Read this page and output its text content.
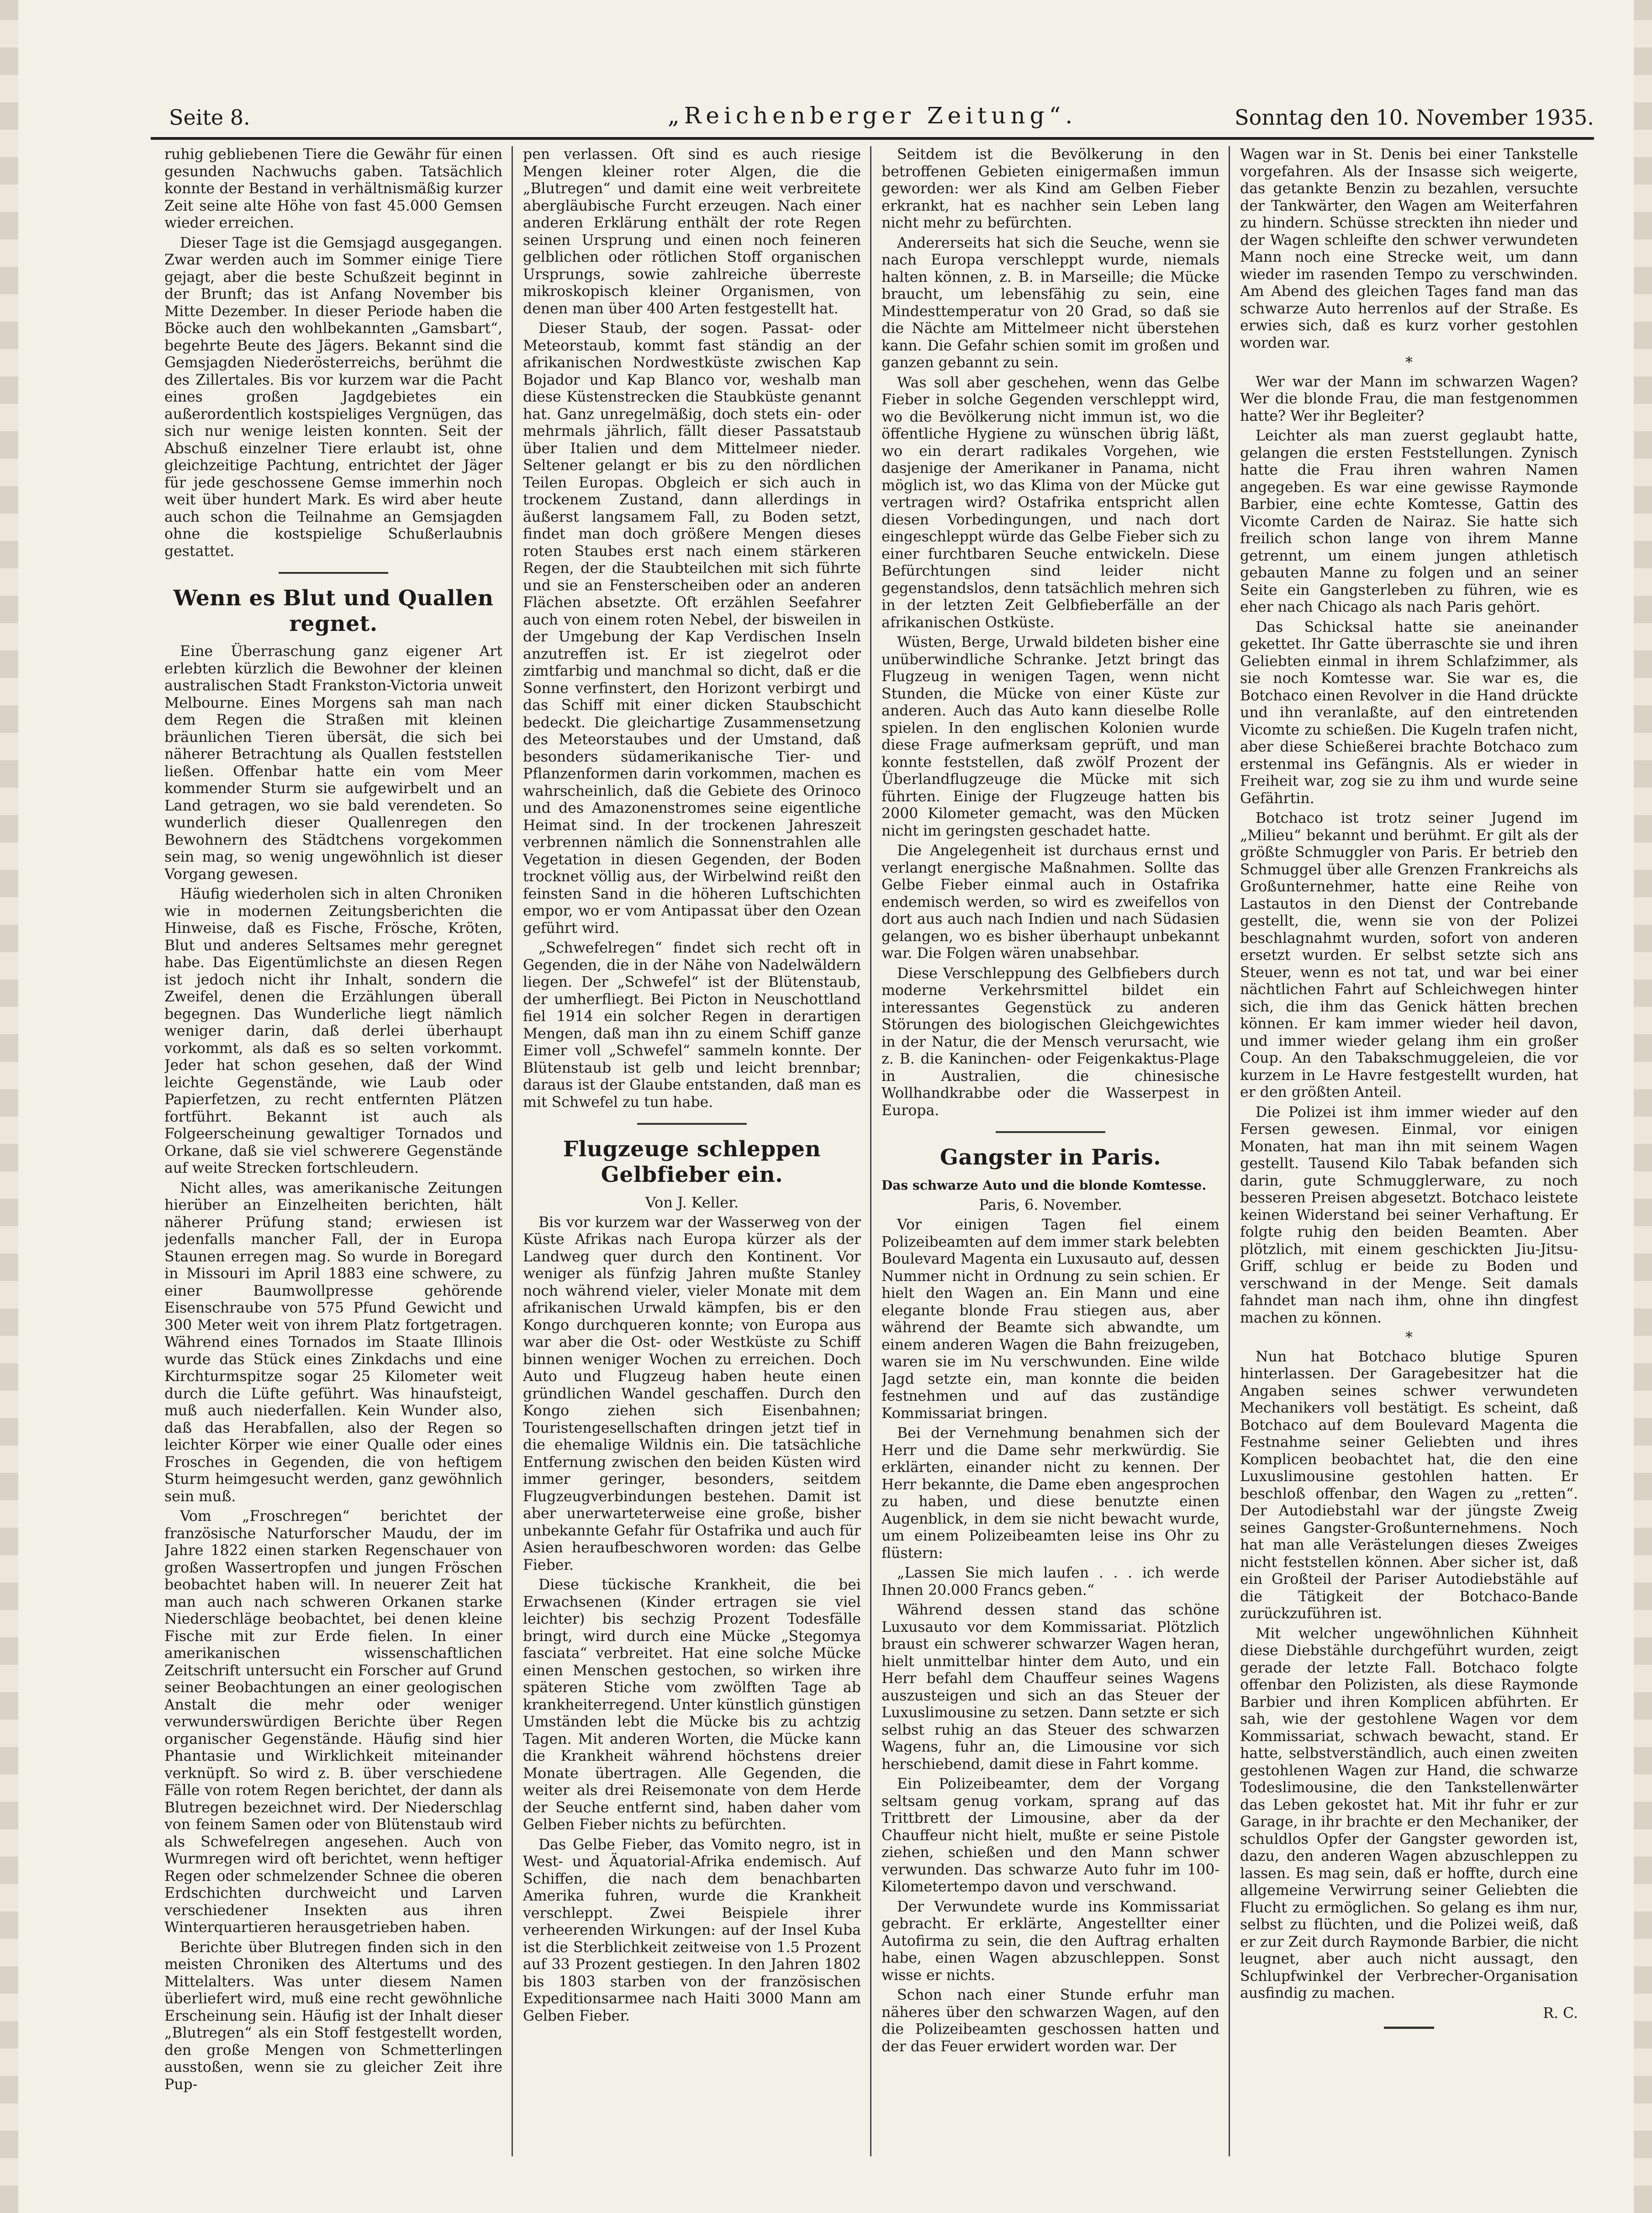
Seite 8.	„Reichenberger Zeitung“.	Sonntag den 10. November 1935.

ruhig gebliebenen Tiere die Gewähr für einen gesunden Nachwuchs gaben. Tatsächlich konnte der Bestand in verhältnismäßig kurzer Zeit seine alte Höhe von fast 45.000 Gemsen wieder erreichen.

Dieser Tage ist die Gemsjagd ausgegangen. Zwar werden auch im Sommer einige Tiere gejagt, aber die beste Schußzeit beginnt in der Brunft; das ist Anfang November bis Mitte Dezember. In dieser Periode haben die Böcke auch den wohlbekannten „Gamsbart“, begehrte Beute des Jägers. Bekannt sind die Gemsjagden Niederösterreichs, berühmt die des Zillertales. Bis vor kurzem war die Pacht eines großen Jagdgebietes ein außerordentlich kostspieliges Vergnügen, das sich nur wenige leisten konnten. Seit der Abschuß einzelner Tiere erlaubt ist, ohne gleichzeitige Pachtung, entrichtet der Jäger für jede geschossene Gemse immerhin noch weit über hundert Mark. Es wird aber heute auch schon die Teilnahme an Gemsjagden ohne die kostspielige Schußerlaubnis gestattet.

Wenn es Blut und Quallen regnet.

Eine Überraschung ganz eigener Art erlebten kürzlich die Bewohner der kleinen australischen Stadt Frankston-Victoria unweit Melbourne. Eines Morgens sah man nach dem Regen die Straßen mit kleinen bräunlichen Tieren übersät, die sich bei näherer Betrachtung als Quallen feststellen ließen. Offenbar hatte ein vom Meer kommender Sturm sie aufgewirbelt und an Land getragen, wo sie bald verendeten. So wunderlich dieser Quallenregen den Bewohnern des Städtchens vorgekommen sein mag, so wenig ungewöhnlich ist dieser Vorgang gewesen.

Häufig wiederholen sich in alten Chroniken wie in modernen Zeitungsberichten die Hinweise, daß es Fische, Frösche, Kröten, Blut und anderes Seltsames mehr geregnet habe. Das Eigentümlichste an diesen Regen ist jedoch nicht ihr Inhalt, sondern die Zweifel, denen die Erzählungen überall begegnen. Das Wunderliche liegt nämlich weniger darin, daß derlei überhaupt vorkommt, als daß es so selten vorkommt. Jeder hat schon gesehen, daß der Wind leichte Gegenstände, wie Laub oder Papierfetzen, zu recht entfernten Plätzen fortführt. Bekannt ist auch als Folgeerscheinung gewaltiger Tornados und Orkane, daß sie viel schwerere Gegenstände auf weite Strecken fortschleudern.

Nicht alles, was amerikanische Zeitungen hierüber an Einzelheiten berichten, hält näherer Prüfung stand; erwiesen ist jedenfalls mancher Fall, der in Europa Staunen erregen mag. So wurde in Boregard in Missouri im April 1883 eine schwere, zu einer Baumwollpresse gehörende Eisenschraube von 575 Pfund Gewicht und 300 Meter weit von ihrem Platz fortgetragen. Während eines Tornados im Staate Illinois wurde das Stück eines Zinkdachs und eine Kirchturmspitze sogar 25 Kilometer weit durch die Lüfte geführt. Was hinaufsteigt, muß auch niederfallen. Kein Wunder also, daß das Herabfallen, also der Regen so leichter Körper wie einer Qualle oder eines Frosches in Gegenden, die von heftigem Sturm heimgesucht werden, ganz gewöhnlich sein muß.

Vom „Froschregen“ berichtet der französische Naturforscher Maudu, der im Jahre 1822 einen starken Regenschauer von großen Wassertropfen und jungen Fröschen beobachtet haben will. In neuerer Zeit hat man auch nach schweren Orkanen starke Niederschläge beobachtet, bei denen kleine Fische mit zur Erde fielen. In einer amerikanischen wissenschaftlichen Zeitschrift untersucht ein Forscher auf Grund seiner Beobachtungen an einer geologischen Anstalt die mehr oder weniger verwunderswürdigen Berichte über Regen organischer Gegenstände. Häufig sind hier Phantasie und Wirklichkeit miteinander verknüpft. So wird z. B. über verschiedene Fälle von rotem Regen berichtet, der dann als Blutregen bezeichnet wird. Der Niederschlag von feinem Samen oder von Blütenstaub wird als Schwefelregen angesehen. Auch von Wurmregen wird oft berichtet, wenn heftiger Regen oder schmelzender Schnee die oberen Erdschichten durchweicht und Larven verschiedener Insekten aus ihren Winterquartieren herausgetrieben haben.

Berichte über Blutregen finden sich in den meisten Chroniken des Altertums und des Mittelalters. Was unter diesem Namen überliefert wird, muß eine recht gewöhnliche Erscheinung sein. Häufig ist der Inhalt dieser „Blutregen“ als ein Stoff festgestellt worden, den große Mengen von Schmetterlingen ausstoßen, wenn sie zu gleicher Zeit ihre Pup-

pen verlassen. Oft sind es auch riesige Mengen kleiner roter Algen, die die „Blutregen“ und damit eine weit verbreitete abergläubische Furcht erzeugen. Nach einer anderen Erklärung enthält der rote Regen seinen Ursprung und einen noch feineren gelblichen oder rötlichen Stoff organischen Ursprungs, sowie zahlreiche überreste mikroskopisch kleiner Organismen, von denen man über 400 Arten festgestellt hat.

Dieser Staub, der sogen. Passat- oder Meteorstaub, kommt fast ständig an der afrikanischen Nordwestküste zwischen Kap Bojador und Kap Blanco vor, weshalb man diese Küstenstrecken die Staubküste genannt hat. Ganz unregelmäßig, doch stets ein- oder mehrmals jährlich, fällt dieser Passatstaub über Italien und dem Mittelmeer nieder. Seltener gelangt er bis zu den nördlichen Teilen Europas. Obgleich er sich auch in trockenem Zustand, dann allerdings in äußerst langsamem Fall, zu Boden setzt, findet man doch größere Mengen dieses roten Staubes erst nach einem stärkeren Regen, der die Staubteilchen mit sich führte und sie an Fensterscheiben oder an anderen Flächen absetzte. Oft erzählen Seefahrer auch von einem roten Nebel, der bisweilen in der Umgebung der Kap Verdischen Inseln anzutreffen ist. Er ist ziegelrot oder zimtfarbig und manchmal so dicht, daß er die Sonne verfinstert, den Horizont verbirgt und das Schiff mit einer dicken Staubschicht bedeckt. Die gleichartige Zusammensetzung des Meteorstaubes und der Umstand, daß besonders südamerikanische Tier- und Pflanzenformen darin vorkommen, machen es wahrscheinlich, daß die Gebiete des Orinoco und des Amazonenstromes seine eigentliche Heimat sind. In der trockenen Jahreszeit verbrennen nämlich die Sonnenstrahlen alle Vegetation in diesen Gegenden, der Boden trocknet völlig aus, der Wirbelwind reißt den feinsten Sand in die höheren Luftschichten empor, wo er vom Antipassat über den Ozean geführt wird.

„Schwefelregen“ findet sich recht oft in Gegenden, die in der Nähe von Nadelwäldern liegen. Der „Schwefel“ ist der Blütenstaub, der umherfliegt. Bei Picton in Neuschottland fiel 1914 ein solcher Regen in derartigen Mengen, daß man ihn zu einem Schiff ganze Eimer voll „Schwefel“ sammeln konnte. Der Blütenstaub ist gelb und leicht brennbar; daraus ist der Glaube entstanden, daß man es mit Schwefel zu tun habe.

Flugzeuge schleppen Gelbfieber ein.

Von J. Keller.

Bis vor kurzem war der Wasserweg von der Küste Afrikas nach Europa kürzer als der Landweg quer durch den Kontinent. Vor weniger als fünfzig Jahren mußte Stanley noch während vieler, vieler Monate mit dem afrikanischen Urwald kämpfen, bis er den Kongo durchqueren konnte; von Europa aus war aber die Ost- oder Westküste zu Schiff binnen weniger Wochen zu erreichen. Doch Auto und Flugzeug haben heute einen gründlichen Wandel geschaffen. Durch den Kongo ziehen sich Eisenbahnen; Touristengesellschaften dringen jetzt tief in die ehemalige Wildnis ein. Die tatsächliche Entfernung zwischen den beiden Küsten wird immer geringer, besonders, seitdem Flugzeugverbindungen bestehen. Damit ist aber unerwarteterweise eine große, bisher unbekannte Gefahr für Ostafrika und auch für Asien heraufbeschworen worden: das Gelbe Fieber.

Diese tückische Krankheit, die bei Erwachsenen (Kinder ertragen sie viel leichter) bis sechzig Prozent Todesfälle bringt, wird durch eine Mücke „Stegomya fasciata“ verbreitet. Hat eine solche Mücke einen Menschen gestochen, so wirken ihre späteren Stiche vom zwölften Tage ab krankheiterregend. Unter künstlich günstigen Umständen lebt die Mücke bis zu achtzig Tagen. Mit anderen Worten, die Mücke kann die Krankheit während höchstens dreier Monate übertragen. Alle Gegenden, die weiter als drei Reisemonate von dem Herde der Seuche entfernt sind, haben daher vom Gelben Fieber nichts zu befürchten.

Das Gelbe Fieber, das Vomito negro, ist in West- und Äquatorial-Afrika endemisch. Auf Schiffen, die nach dem benachbarten Amerika fuhren, wurde die Krankheit verschleppt. Zwei Beispiele ihrer verheerenden Wirkungen: auf der Insel Kuba ist die Sterblichkeit zeitweise von 1.5 Prozent auf 33 Prozent gestiegen. In den Jahren 1802 bis 1803 starben von der französischen Expeditionsarmee nach Haiti 3000 Mann am Gelben Fieber.

Seitdem ist die Bevölkerung in den betroffenen Gebieten einigermaßen immun geworden: wer als Kind am Gelben Fieber erkrankt, hat es nachher sein Leben lang nicht mehr zu befürchten.

Andererseits hat sich die Seuche, wenn sie nach Europa verschleppt wurde, niemals halten können, z. B. in Marseille; die Mücke braucht, um lebensfähig zu sein, eine Mindesttemperatur von 20 Grad, so daß sie die Nächte am Mittelmeer nicht überstehen kann. Die Gefahr schien somit im großen und ganzen gebannt zu sein.

Was soll aber geschehen, wenn das Gelbe Fieber in solche Gegenden verschleppt wird, wo die Bevölkerung nicht immun ist, wo die öffentliche Hygiene zu wünschen übrig läßt, wo ein derart radikales Vorgehen, wie dasjenige der Amerikaner in Panama, nicht möglich ist, wo das Klima von der Mücke gut vertragen wird? Ostafrika entspricht allen diesen Vorbedingungen, und nach dort eingeschleppt würde das Gelbe Fieber sich zu einer furchtbaren Seuche entwickeln. Diese Befürchtungen sind leider nicht gegenstandslos, denn tatsächlich mehren sich in der letzten Zeit Gelbfieberfälle an der afrikanischen Ostküste.

Wüsten, Berge, Urwald bildeten bisher eine unüberwindliche Schranke. Jetzt bringt das Flugzeug in wenigen Tagen, wenn nicht Stunden, die Mücke von einer Küste zur anderen. Auch das Auto kann dieselbe Rolle spielen. In den englischen Kolonien wurde diese Frage aufmerksam geprüft, und man konnte feststellen, daß zwölf Prozent der Überlandflugzeuge die Mücke mit sich führten. Einige der Flugzeuge hatten bis 2000 Kilometer gemacht, was den Mücken nicht im geringsten geschadet hatte.

Die Angelegenheit ist durchaus ernst und verlangt energische Maßnahmen. Sollte das Gelbe Fieber einmal auch in Ostafrika endemisch werden, so wird es zweifellos von dort aus auch nach Indien und nach Südasien gelangen, wo es bisher überhaupt unbekannt war. Die Folgen wären unabsehbar.

Diese Verschleppung des Gelbfiebers durch moderne Verkehrsmittel bildet ein interessantes Gegenstück zu anderen Störungen des biologischen Gleichgewichtes in der Natur, die der Mensch verursacht, wie z. B. die Kaninchen- oder Feigenkaktus-Plage in Australien, die chinesische Wollhandkrabbe oder die Wasserpest in Europa.

Gangster in Paris.

Das schwarze Auto und die blonde Komtesse.

Paris, 6. November.

Vor einigen Tagen fiel einem Polizeibeamten auf dem immer stark belebten Boulevard Magenta ein Luxusauto auf, dessen Nummer nicht in Ordnung zu sein schien. Er hielt den Wagen an. Ein Mann und eine elegante blonde Frau stiegen aus, aber während der Beamte sich abwandte, um einem anderen Wagen die Bahn freizugeben, waren sie im Nu verschwunden. Eine wilde Jagd setzte ein, man konnte die beiden festnehmen und auf das zuständige Kommissariat bringen.

Bei der Vernehmung benahmen sich der Herr und die Dame sehr merkwürdig. Sie erklärten, einander nicht zu kennen. Der Herr bekannte, die Dame eben angesprochen zu haben, und diese benutzte einen Augenblick, in dem sie nicht bewacht wurde, um einem Polizeibeamten leise ins Ohr zu flüstern:

„Lassen Sie mich laufen . . . ich werde Ihnen 20.000 Francs geben.“

Während dessen stand das schöne Luxusauto vor dem Kommissariat. Plötzlich braust ein schwerer schwarzer Wagen heran, hielt unmittelbar hinter dem Auto, und ein Herr befahl dem Chauffeur seines Wagens auszusteigen und sich an das Steuer der Luxuslimousine zu setzen. Dann setzte er sich selbst ruhig an das Steuer des schwarzen Wagens, fuhr an, die Limousine vor sich herschiebend, damit diese in Fahrt komme.

Ein Polizeibeamter, dem der Vorgang seltsam genug vorkam, sprang auf das Trittbrett der Limousine, aber da der Chauffeur nicht hielt, mußte er seine Pistole ziehen, schießen und den Mann schwer verwunden. Das schwarze Auto fuhr im 100-Kilometertempo davon und verschwand.

Der Verwundete wurde ins Kommissariat gebracht. Er erklärte, Angestellter einer Autofirma zu sein, die den Auftrag erhalten habe, einen Wagen abzuschleppen. Sonst wisse er nichts.

Schon nach einer Stunde erfuhr man näheres über den schwarzen Wagen, auf den die Polizeibeamten geschossen hatten und der das Feuer erwidert worden war. Der

Wagen war in St. Denis bei einer Tankstelle vorgefahren. Als der Insasse sich weigerte, das getankte Benzin zu bezahlen, versuchte der Tankwärter, den Wagen am Weiterfahren zu hindern. Schüsse streckten ihn nieder und der Wagen schleifte den schwer verwundeten Mann noch eine Strecke weit, um dann wieder im rasenden Tempo zu verschwinden. Am Abend des gleichen Tages fand man das schwarze Auto herrenlos auf der Straße. Es erwies sich, daß es kurz vorher gestohlen worden war.

*

Wer war der Mann im schwarzen Wagen? Wer die blonde Frau, die man festgenommen hatte? Wer ihr Begleiter?

Leichter als man zuerst geglaubt hatte, gelangen die ersten Feststellungen. Zynisch hatte die Frau ihren wahren Namen angegeben. Es war eine gewisse Raymonde Barbier, eine echte Komtesse, Gattin des Vicomte Carden de Nairaz. Sie hatte sich freilich schon lange von ihrem Manne getrennt, um einem jungen athletisch gebauten Manne zu folgen und an seiner Seite ein Gangsterleben zu führen, wie es eher nach Chicago als nach Paris gehört.

Das Schicksal hatte sie aneinander gekettet. Ihr Gatte überraschte sie und ihren Geliebten einmal in ihrem Schlafzimmer, als sie noch Komtesse war. Sie war es, die Botchaco einen Revolver in die Hand drückte und ihn veranlaßte, auf den eintretenden Vicomte zu schießen. Die Kugeln trafen nicht, aber diese Schießerei brachte Botchaco zum erstenmal ins Gefängnis. Als er wieder in Freiheit war, zog sie zu ihm und wurde seine Gefährtin.

Botchaco ist trotz seiner Jugend im „Milieu“ bekannt und berühmt. Er gilt als der größte Schmuggler von Paris. Er betrieb den Schmuggel über alle Grenzen Frankreichs als Großunternehmer, hatte eine Reihe von Lastautos in den Dienst der Contrebande gestellt, die, wenn sie von der Polizei beschlagnahmt wurden, sofort von anderen ersetzt wurden. Er selbst setzte sich ans Steuer, wenn es not tat, und war bei einer nächtlichen Fahrt auf Schleichwegen hinter sich, die ihm das Genick hätten brechen können. Er kam immer wieder heil davon, und immer wieder gelang ihm ein großer Coup. An den Tabakschmuggeleien, die vor kurzem in Le Havre festgestellt wurden, hat er den größten Anteil.

Die Polizei ist ihm immer wieder auf den Fersen gewesen. Einmal, vor einigen Monaten, hat man ihn mit seinem Wagen gestellt. Tausend Kilo Tabak befanden sich darin, gute Schmugglerware, zu noch besseren Preisen abgesetzt. Botchaco leistete keinen Widerstand bei seiner Verhaftung. Er folgte ruhig den beiden Beamten. Aber plötzlich, mit einem geschickten Jiu-Jitsu-Griff, schlug er beide zu Boden und verschwand in der Menge. Seit damals fahndet man nach ihm, ohne ihn dingfest machen zu können.

*

Nun hat Botchaco blutige Spuren hinterlassen. Der Garagebesitzer hat die Angaben seines schwer verwundeten Mechanikers voll bestätigt. Es scheint, daß Botchaco auf dem Boulevard Magenta die Festnahme seiner Geliebten und ihres Komplicen beobachtet hat, die den eine Luxuslimousine gestohlen hatten. Er beschloß offenbar, den Wagen zu „retten“. Der Autodiebstahl war der jüngste Zweig seines Gangster-Großunternehmens. Noch hat man alle Verästelungen dieses Zweiges nicht feststellen können. Aber sicher ist, daß ein Großteil der Pariser Autodiebstähle auf die Tätigkeit der Botchaco-Bande zurückzuführen ist.

Mit welcher ungewöhnlichen Kühnheit diese Diebstähle durchgeführt wurden, zeigt gerade der letzte Fall. Botchaco folgte offenbar den Polizisten, als diese Raymonde Barbier und ihren Komplicen abführten. Er sah, wie der gestohlene Wagen vor dem Kommissariat, schwach bewacht, stand. Er hatte, selbstverständlich, auch einen zweiten gestohlenen Wagen zur Hand, die schwarze Todeslimousine, die den Tankstellenwärter das Leben gekostet hat. Mit ihr fuhr er zur Garage, in ihr brachte er den Mechaniker, der schuldlos Opfer der Gangster geworden ist, dazu, den anderen Wagen abzuschleppen zu lassen. Es mag sein, daß er hoffte, durch eine allgemeine Verwirrung seiner Geliebten die Flucht zu ermöglichen. So gelang es ihm nur, selbst zu flüchten, und die Polizei weiß, daß er zur Zeit durch Raymonde Barbier, die nicht leugnet, aber auch nicht aussagt, den Schlupfwinkel der Verbrecher-Organisation ausfindig zu machen.

R. C.
